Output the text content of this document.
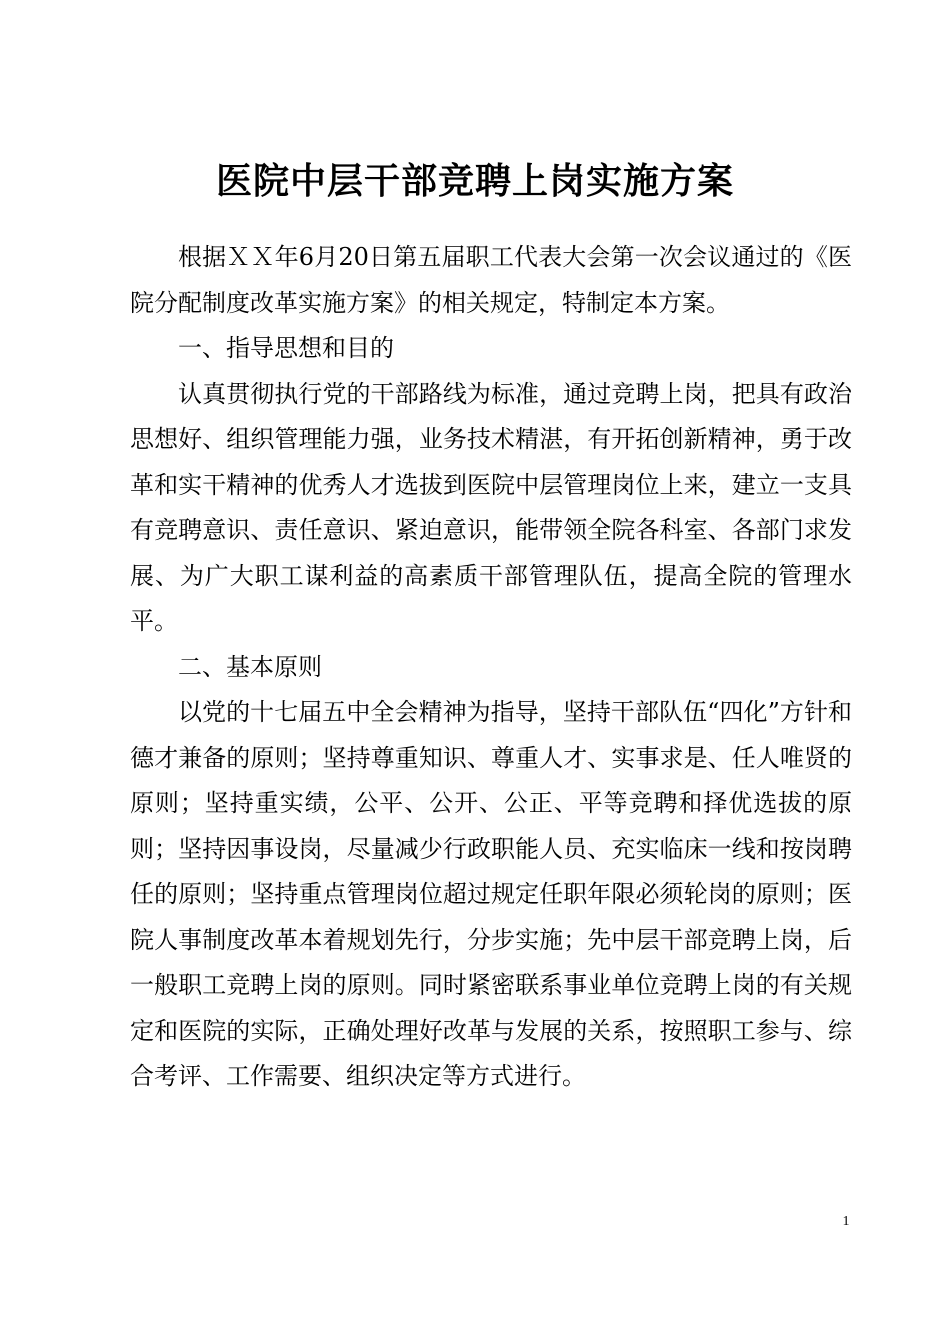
医院中层干部竞聘上岗实施方案

根据ＸＸ年6月20日第五届职工代表大会第一次会议通过的《医院分配制度改革实施方案》的相关规定，特制定本方案。

一、指导思想和目的

认真贯彻执行党的干部路线为标准，通过竞聘上岗，把具有政治思想好、组织管理能力强，业务技术精湛，有开拓创新精神，勇于改革和实干精神的优秀人才选拔到医院中层管理岗位上来，建立一支具有竞聘意识、责任意识、紧迫意识，能带领全院各科室、各部门求发展、为广大职工谋利益的高素质干部管理队伍，提高全院的管理水平。

二、基本原则

以党的十七届五中全会精神为指导，坚持干部队伍“四化”方针和德才兼备的原则；坚持尊重知识、尊重人才、实事求是、任人唯贤的原则；坚持重实绩，公平、公开、公正、平等竞聘和择优选拔的原则；坚持因事设岗，尽量减少行政职能人员、充实临床一线和按岗聘任的原则；坚持重点管理岗位超过规定任职年限必须轮岗的原则；医院人事制度改革本着规划先行，分步实施；先中层干部竞聘上岗，后一般职工竞聘上岗的原则。同时紧密联系事业单位竞聘上岗的有关规定和医院的实际，正确处理好改革与发展的关系，按照职工参与、综合考评、工作需要、组织决定等方式进行。

1
